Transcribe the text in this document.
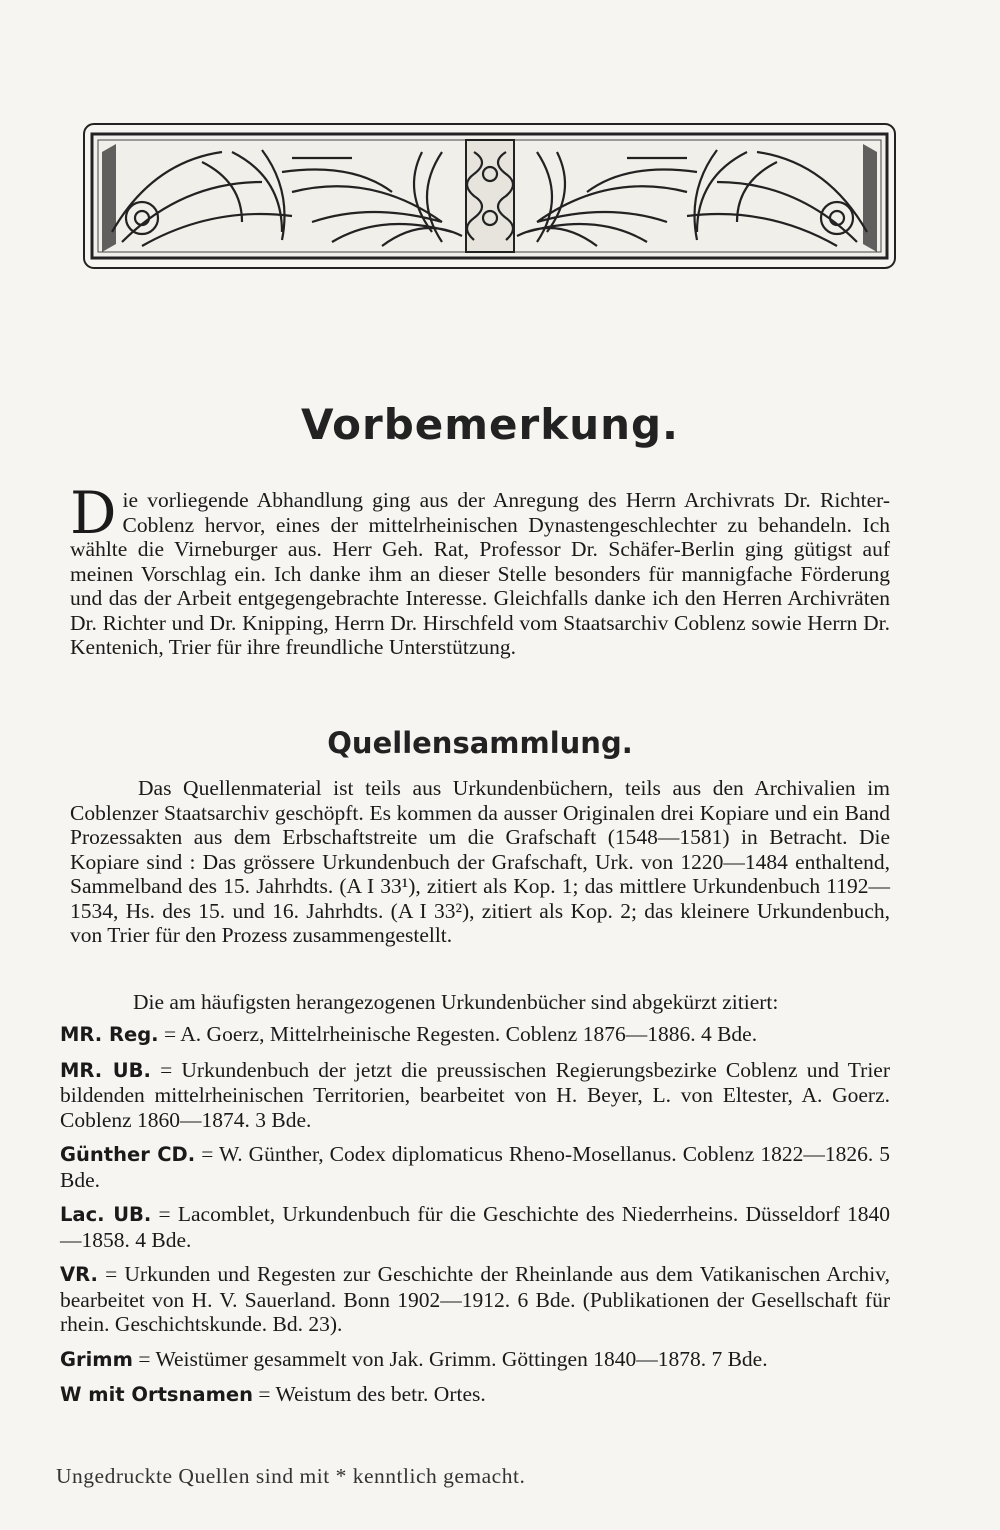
Vorbemerkung.
Die vorliegende Abhandlung ging aus der Anregung des Herrn Archivrats Dr. Richter-Coblenz hervor, eines der mittelrheinischen Dynastengeschlechter zu behandeln. Ich wählte die Virneburger aus. Herr Geh. Rat, Professor Dr. Schäfer-Berlin ging gütigst auf meinen Vorschlag ein. Ich danke ihm an dieser Stelle besonders für mannigfache Förderung und das der Arbeit entgegengebrachte Interesse. Gleichfalls danke ich den Herren Archivräten Dr. Richter und Dr. Knipping, Herrn Dr. Hirschfeld vom Staatsarchiv Coblenz sowie Herrn Dr. Kentenich, Trier für ihre freundliche Unterstützung.
Quellensammlung.
Das Quellenmaterial ist teils aus Urkundenbüchern, teils aus den Archivalien im Coblenzer Staatsarchiv geschöpft. Es kommen da ausser Originalen drei Kopiare und ein Band Prozessakten aus dem Erbschaftstreite um die Grafschaft (1548—1581) in Betracht. Die Kopiare sind : Das grössere Urkundenbuch der Grafschaft, Urk. von 1220—1484 enthaltend, Sammelband des 15. Jahrhdts. (A I 33¹), zitiert als Kop. 1; das mittlere Urkundenbuch 1192—1534, Hs. des 15. und 16. Jahrhdts. (A I 33²), zitiert als Kop. 2; das kleinere Urkundenbuch, von Trier für den Prozess zusammengestellt.
Die am häufigsten herangezogenen Urkundenbücher sind abgekürzt zitiert:
MR. Reg. = A. Goerz, Mittelrheinische Regesten. Coblenz 1876—1886. 4 Bde.
MR. UB. = Urkundenbuch der jetzt die preussischen Regierungsbezirke Coblenz und Trier bildenden mittelrheinischen Territorien, bearbeitet von H. Beyer, L. von Eltester, A. Goerz. Coblenz 1860—1874. 3 Bde.
Günther CD. = W. Günther, Codex diplomaticus Rheno-Mosellanus. Coblenz 1822—1826. 5 Bde.
Lac. UB. = Lacomblet, Urkundenbuch für die Geschichte des Niederrheins. Düsseldorf 1840—1858. 4 Bde.
VR. = Urkunden und Regesten zur Geschichte der Rheinlande aus dem Vatikanischen Archiv, bearbeitet von H. V. Sauerland. Bonn 1902—1912. 6 Bde. (Publikationen der Gesellschaft für rhein. Geschichtskunde. Bd. 23).
Grimm = Weistümer gesammelt von Jak. Grimm. Göttingen 1840—1878. 7 Bde.
W mit Ortsnamen = Weistum des betr. Ortes.
Ungedruckte Quellen sind mit * kenntlich gemacht.
